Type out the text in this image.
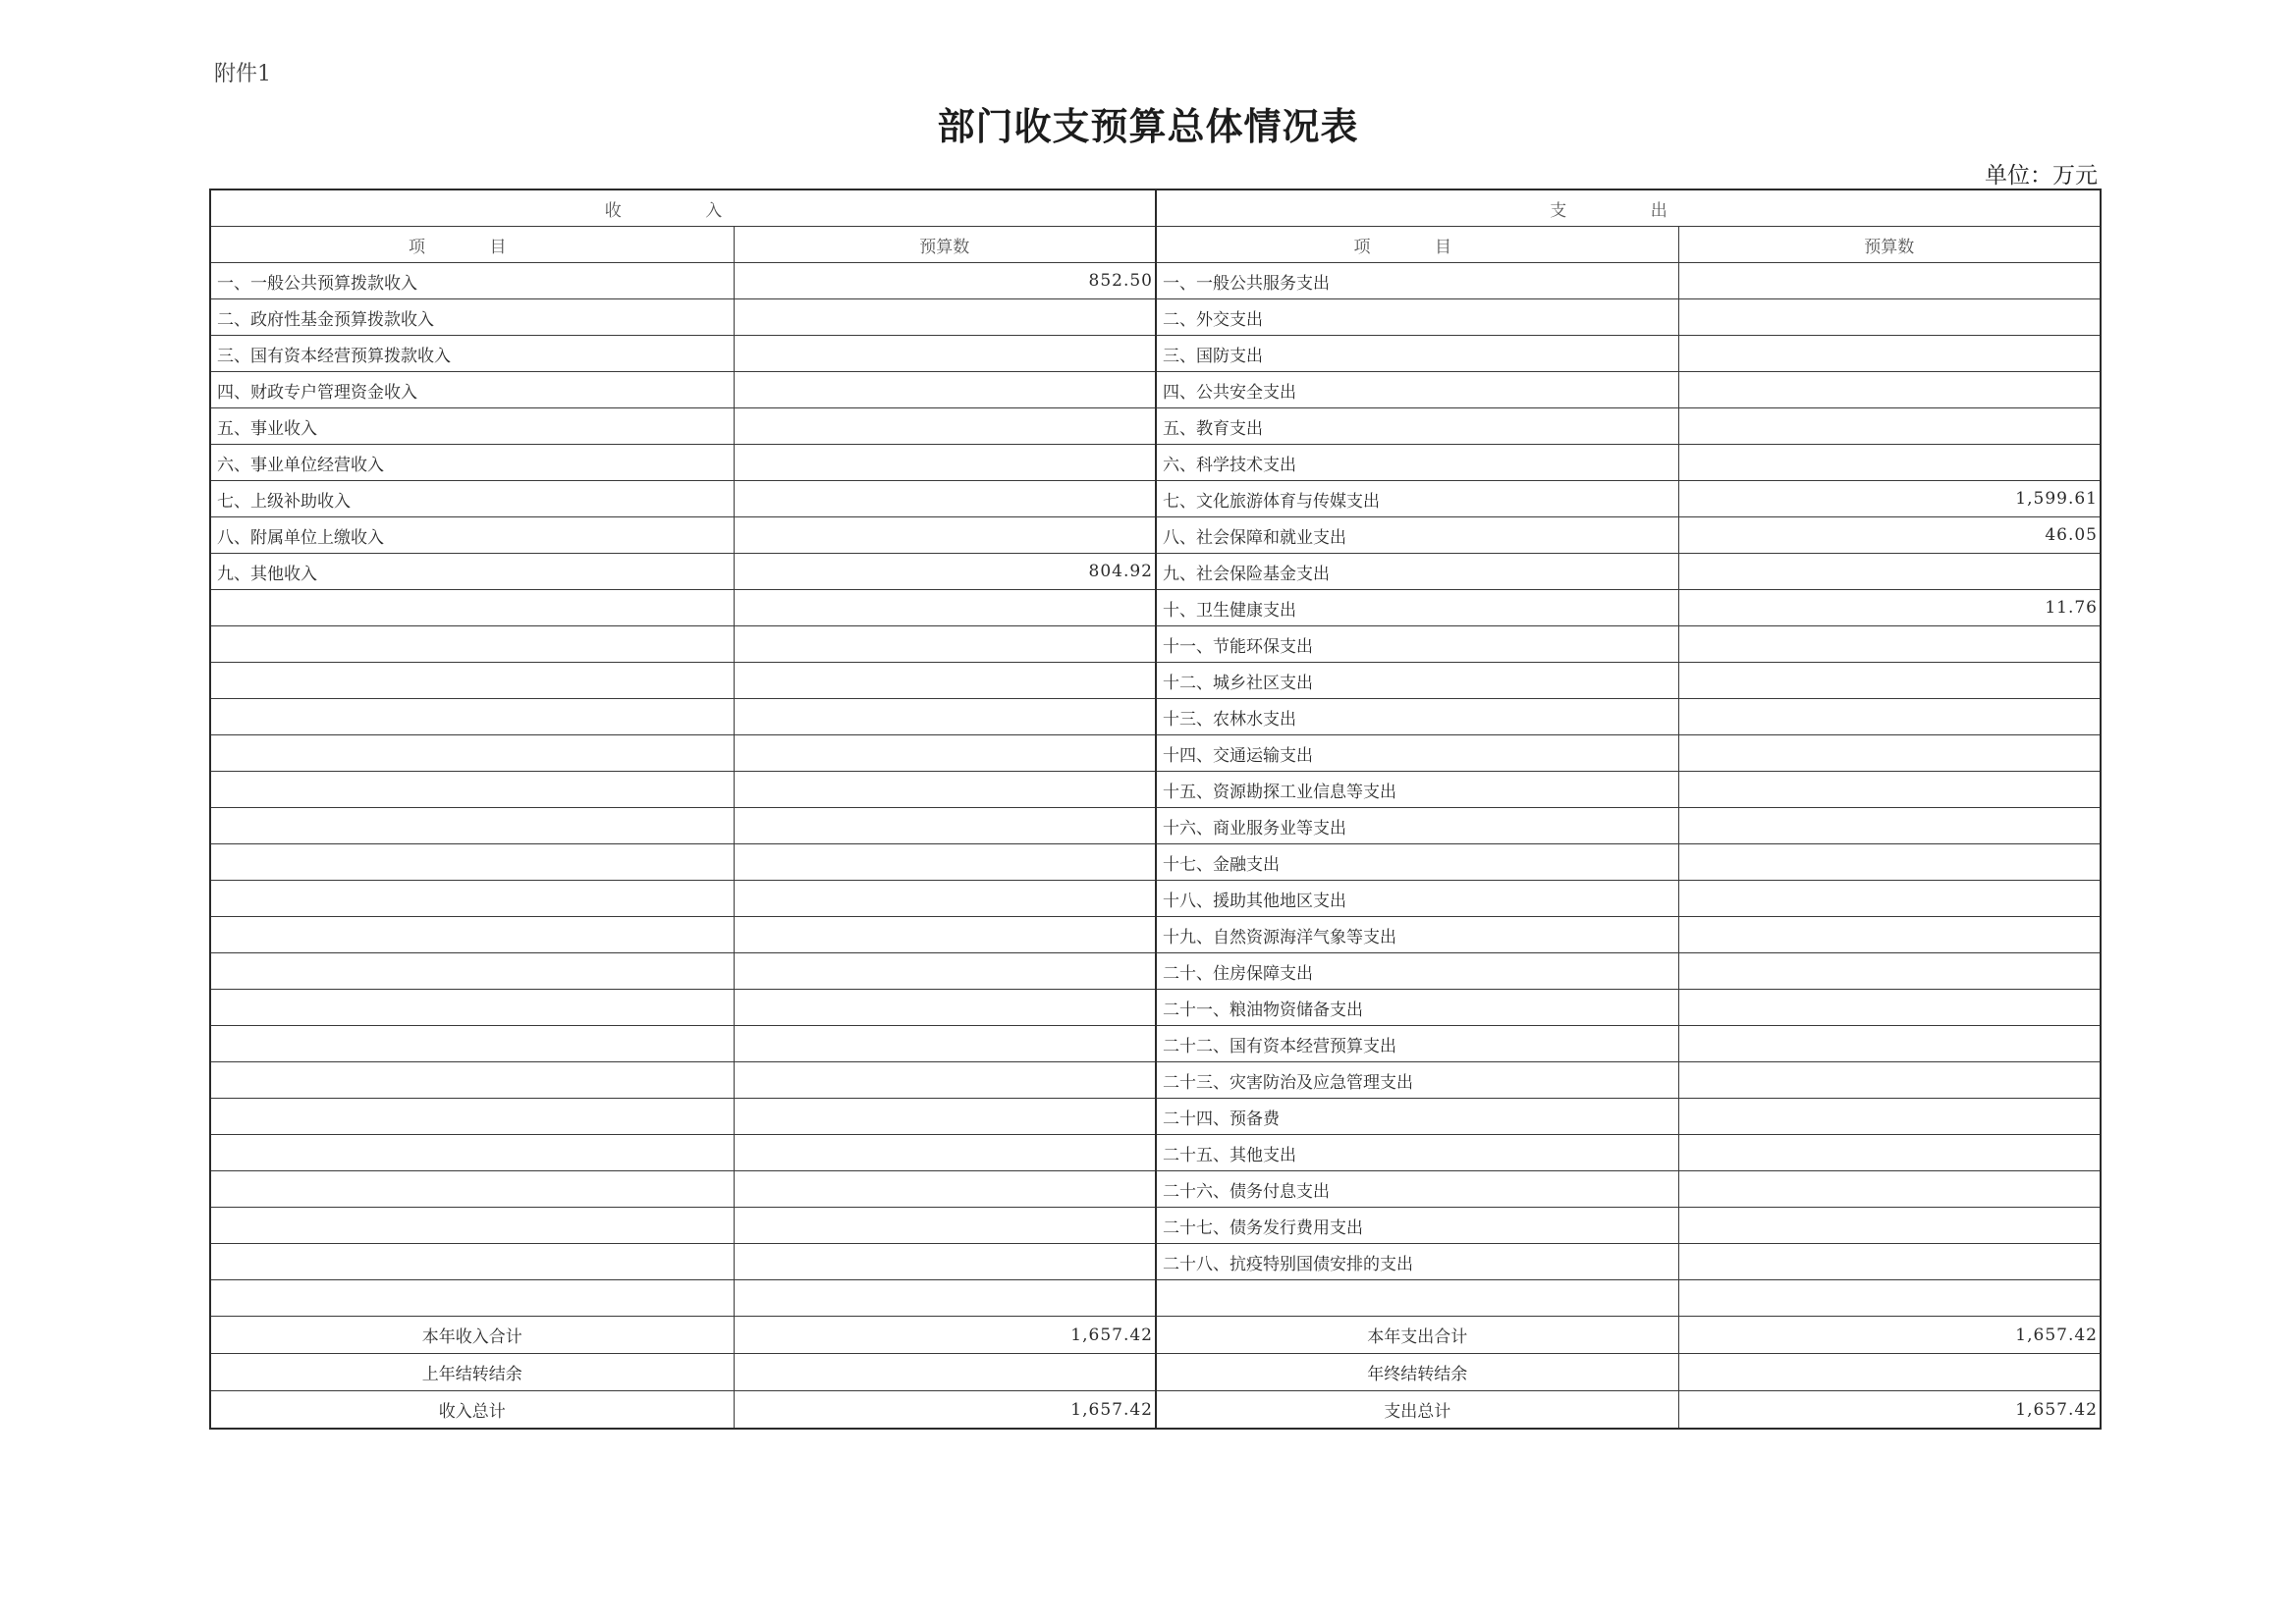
附件1
部门收支预算总体情况表
单位：万元
收 入		支 出	
项 目	预算数	项 目	预算数
一、一般公共预算拨款收入	852.50	一、一般公共服务支出	
二、政府性基金预算拨款收入		二、外交支出	
三、国有资本经营预算拨款收入		三、国防支出	
四、财政专户管理资金收入		四、公共安全支出	
五、事业收入		五、教育支出	
六、事业单位经营收入		六、科学技术支出	
七、上级补助收入		七、文化旅游体育与传媒支出	1,599.61
八、附属单位上缴收入		八、社会保障和就业支出	46.05
九、其他收入	804.92	九、社会保险基金支出	
		十、卫生健康支出	11.76
		十一、节能环保支出	
		十二、城乡社区支出	
		十三、农林水支出	
		十四、交通运输支出	
		十五、资源勘探工业信息等支出	
		十六、商业服务业等支出	
		十七、金融支出	
		十八、援助其他地区支出	
		十九、自然资源海洋气象等支出	
		二十、住房保障支出	
		二十一、粮油物资储备支出	
		二十二、国有资本经营预算支出	
		二十三、灾害防治及应急管理支出	
		二十四、预备费	
		二十五、其他支出	
		二十六、债务付息支出	
		二十七、债务发行费用支出	
		二十八、抗疫特别国债安排的支出	

本年收入合计	1,657.42	本年支出合计	1,657.42
上年结转结余		年终结转结余	
收入总计	1,657.42	支出总计	1,657.42
